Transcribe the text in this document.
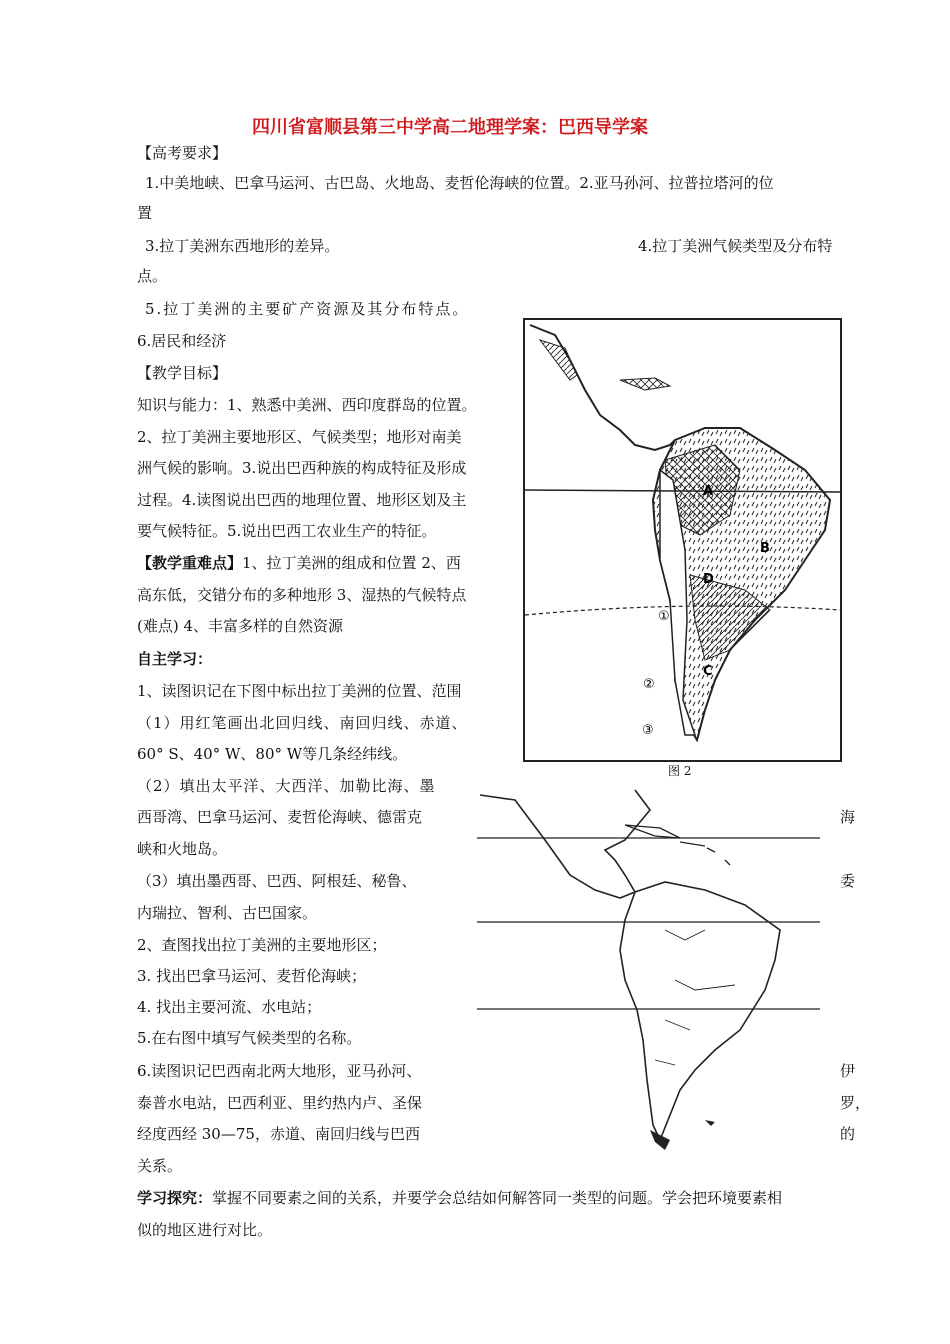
四川省富顺县第三中学高二地理学案：巴西导学案
【高考要求】
1.中美地峡、巴拿马运河、古巴岛、火地岛、麦哲伦海峡的位置。2.亚马孙河、拉普拉塔河的位
置
3.拉丁美洲东西地形的差异。	4.拉丁美洲气候类型及分布特
点。
5.拉丁美洲的主要矿产资源及其分布特点。
6.居民和经济
【教学目标】
知识与能力：1、熟悉中美洲、西印度群岛的位置。
2、拉丁美洲主要地形区、气候类型；地形对南美
洲气候的影响。3.说出巴西种族的构成特征及形成
过程。4.读图说出巴西的地理位置、地形区划及主
要气候特征。5.说出巴西工农业生产的特征。
【教学重难点】1、拉丁美洲的组成和位置 2、西
高东低，交错分布的多种地形 3、湿热的气候特点
(难点) 4、丰富多样的自然资源
自主学习：
1、读图识记在下图中标出拉丁美洲的位置、范围
（1）用红笔画出北回归线、南回归线、赤道、
60° S、40° W、80° W等几条经纬线。
（2）填出太平洋、大西洋、加勒比海、墨
西哥湾、巴拿马运河、麦哲伦海峡、德雷克
峡和火地岛。
（3）填出墨西哥、巴西、阿根廷、秘鲁、
内瑞拉、智利、古巴国家。
2、查图找出拉丁美洲的主要地形区；
3. 找出巴拿马运河、麦哲伦海峡；
4. 找出主要河流、水电站；
5.在右图中填写气候类型的名称。
6.读图识记巴西南北两大地形，亚马孙河、
泰普水电站，巴西利亚、里约热内卢、圣保
经度西经 30—75，赤道、南回归线与巴西
关系。
海
委
伊
罗，
的
学习探究：掌握不同要素之间的关系，并要学会总结如何解答同一类型的问题。学会把环境要素相
似的地区进行对比。
A
B
C
D
①
②
③
图 2
